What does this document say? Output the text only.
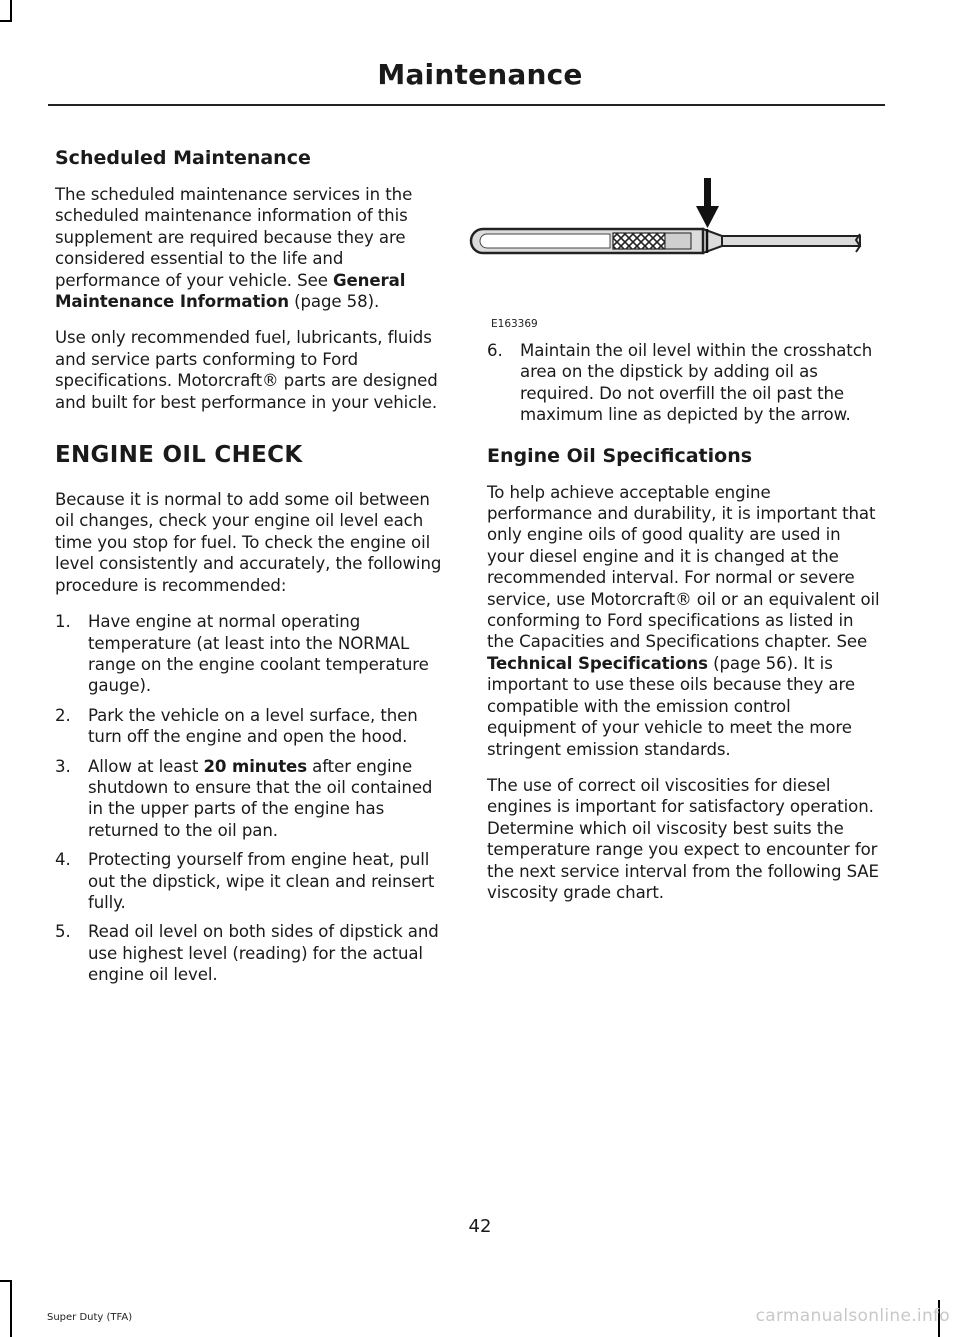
Maintenance
Scheduled Maintenance

The scheduled maintenance services in the scheduled maintenance information of this supplement are required because they are considered essential to the life and performance of your vehicle. See General Maintenance Information (page 58).

Use only recommended fuel, lubricants, fluids and service parts conforming to Ford specifications. Motorcraft® parts are designed and built for best performance in your vehicle.

ENGINE OIL CHECK

Because it is normal to add some oil between oil changes, check your engine oil level each time you stop for fuel. To check the engine oil level consistently and accurately, the following procedure is recommended:

1. Have engine at normal operating temperature (at least into the NORMAL range on the engine coolant temperature gauge).
2. Park the vehicle on a level surface, then turn off the engine and open the hood.
3. Allow at least 20 minutes after engine shutdown to ensure that the oil contained in the upper parts of the engine has returned to the oil pan.
4. Protecting yourself from engine heat, pull out the dipstick, wipe it clean and reinsert fully.
5. Read oil level on both sides of dipstick and use highest level (reading) for the actual engine oil level.
E163369
6. Maintain the oil level within the crosshatch area on the dipstick by adding oil as required. Do not overfill the oil past the maximum line as depicted by the arrow.
Engine Oil Specifications

To help achieve acceptable engine performance and durability, it is important that only engine oils of good quality are used in your diesel engine and it is changed at the recommended interval. For normal or severe service, use Motorcraft® oil or an equivalent oil conforming to Ford specifications as listed in the Capacities and Specifications chapter. See Technical Specifications (page 56). It is important to use these oils because they are compatible with the emission control equipment of your vehicle to meet the more stringent emission standards.

The use of correct oil viscosities for diesel engines is important for satisfactory operation. Determine which oil viscosity best suits the temperature range you expect to encounter for the next service interval from the following SAE viscosity grade chart.

42
Super Duty (TFA)	carmanualsonline.info
